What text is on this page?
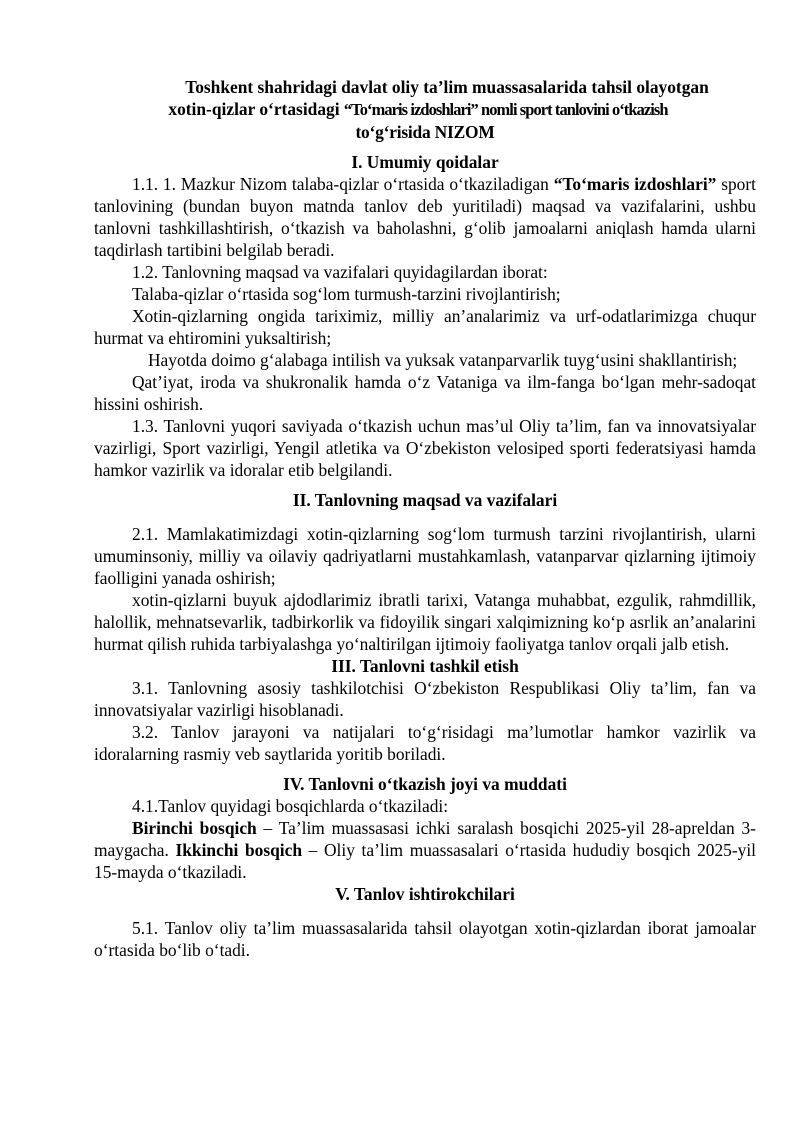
Toshkent shahridagi davlat oliy ta’lim muassasalarida tahsil olayotgan
xotin-qizlar o‘rtasidagi “To‘maris izdoshlari” nomli sport tanlovini o‘tkazish
to‘g‘risida NIZOM
I. Umumiy qoidalar

1.1. 1. Mazkur Nizom talaba-qizlar o‘rtasida o‘tkaziladigan “To‘maris izdoshlari” sport tanlovining (bundan buyon matnda tanlov deb yuritiladi) maqsad va vazifalarini, ushbu tanlovni tashkillashtirish, o‘tkazish va baholashni, g‘olib jamoalarni aniqlash hamda ularni taqdirlash tartibini belgilab beradi.

1.2. Tanlovning maqsad va vazifalari quyidagilardan iborat:

Talaba-qizlar o‘rtasida sog‘lom turmush-tarzini rivojlantirish;

Xotin-qizlarning ongida tariximiz, milliy an’analarimiz va urf-odatlarimizga chuqur hurmat va ehtiromini yuksaltirish;

Hayotda doimo g‘alabaga intilish va yuksak vatanparvarlik tuyg‘usini shakllantirish;

Qat’iyat, iroda va shukronalik hamda o‘z Vataniga va ilm-fanga bo‘lgan mehr-sadoqat hissini oshirish.

1.3. Tanlovni yuqori saviyada o‘tkazish uchun mas’ul Oliy ta’lim, fan va innovatsiyalar vazirligi, Sport vazirligi, Yengil atletika va O‘zbekiston velosiped sporti federatsiyasi hamda hamkor vazirlik va idoralar etib belgilandi.

II. Tanlovning maqsad va vazifalari

2.1. Mamlakatimizdagi xotin-qizlarning sog‘lom turmush tarzini rivojlantirish, ularni umuminsoniy, milliy va oilaviy qadriyatlarni mustahkamlash, vatanparvar qizlarning ijtimoiy faolligini yanada oshirish;

xotin-qizlarni buyuk ajdodlarimiz ibratli tarixi, Vatanga muhabbat, ezgulik, rahmdillik, halollik, mehnatsevarlik, tadbirkorlik va fidoyilik singari xalqimizning ko‘p asrlik an’analarini hurmat qilish ruhida tarbiyalashga yo‘naltirilgan ijtimoiy faoliyatga tanlov orqali jalb etish.

III. Tanlovni tashkil etish

3.1. Tanlovning asosiy tashkilotchisi O‘zbekiston Respublikasi Oliy ta’lim, fan va innovatsiyalar vazirligi hisoblanadi.

3.2. Tanlov jarayoni va natijalari to‘g‘risidagi ma’lumotlar hamkor vazirlik va idoralarning rasmiy veb saytlarida yoritib boriladi.

IV. Tanlovni o‘tkazish joyi va muddati

4.1.Tanlov quyidagi bosqichlarda o‘tkaziladi:

Birinchi bosqich – Ta’lim muassasasi ichki saralash bosqichi 2025-yil 28-apreldan 3-maygacha. Ikkinchi bosqich – Oliy ta’lim muassasalari o‘rtasida hududiy bosqich 2025-yil 15-mayda o‘tkaziladi.

V. Tanlov ishtirokchilari

5.1. Tanlov oliy ta’lim muassasalarida tahsil olayotgan xotin-qizlardan iborat jamoalar o‘rtasida bo‘lib o‘tadi.
